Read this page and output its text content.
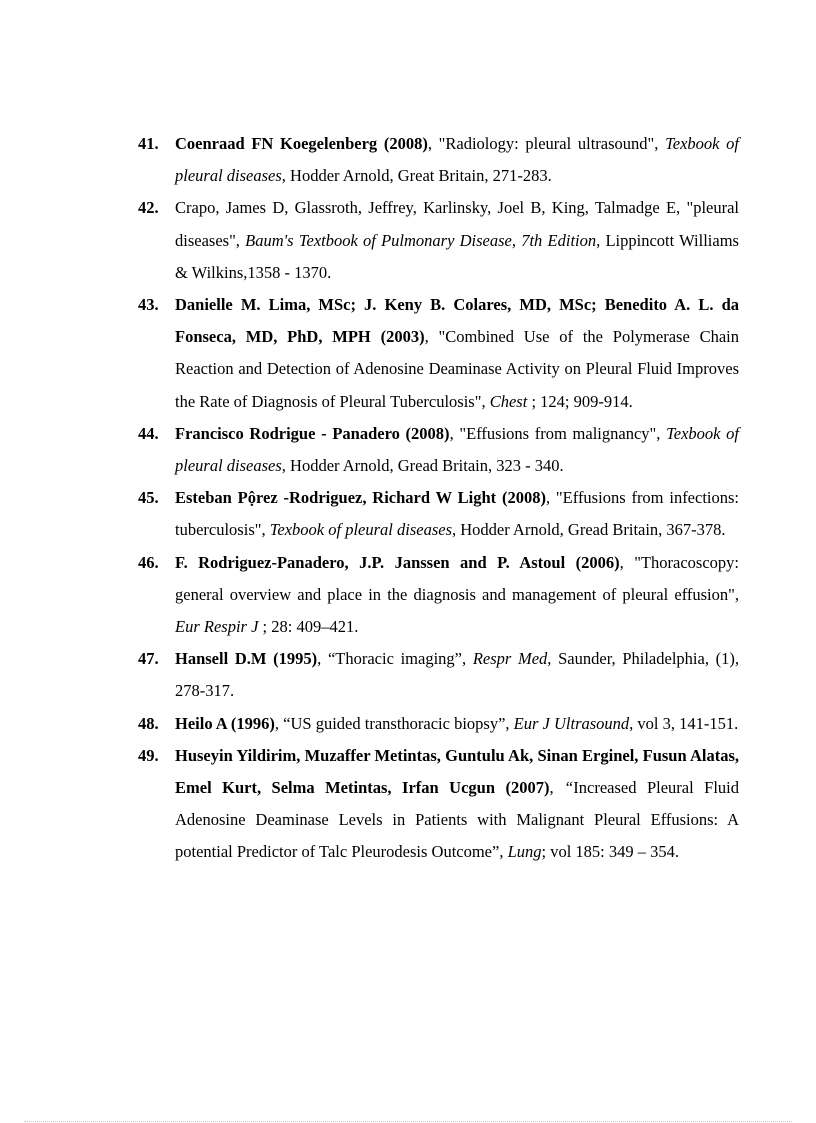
41. Coenraad FN Koegelenberg (2008), "Radiology: pleural ultrasound", Texbook of pleural diseases, Hodder Arnold, Great Britain, 271-283.
42. Crapo, James D, Glassroth, Jeffrey, Karlinsky, Joel B, King, Talmadge E, "pleural diseases", Baum's Textbook of Pulmonary Disease, 7th Edition, Lippincott Williams & Wilkins,1358 - 1370.
43. Danielle M. Lima, MSc; J. Keny B. Colares, MD, MSc; Benedito A. L. da Fonseca, MD, PhD, MPH (2003), "Combined Use of the Polymerase Chain Reaction and Detection of Adenosine Deaminase Activity on Pleural Fluid Improves the Rate of Diagnosis of Pleural Tuberculosis", Chest ; 124; 909-914.
44. Francisco Rodrigue - Panadero (2008), "Effusions from malignancy", Texbook of pleural diseases, Hodder Arnold, Gread Britain, 323 - 340.
45. Esteban Pộrez -Rodriguez, Richard W Light (2008), "Effusions from infections: tuberculosis", Texbook of pleural diseases, Hodder Arnold, Gread Britain, 367-378.
46. F. Rodriguez-Panadero, J.P. Janssen and P. Astoul (2006), "Thoracoscopy: general overview and place in the diagnosis and management of pleural effusion", Eur Respir J ; 28: 409–421.
47. Hansell D.M (1995), “Thoracic imaging”, Respr Med, Saunder, Philadelphia, (1), 278-317.
48. Heilo A (1996), “US guided transthoracic biopsy”, Eur J Ultrasound, vol 3, 141-151.
49. Huseyin Yildirim, Muzaffer Metintas, Guntulu Ak, Sinan Erginel, Fusun Alatas, Emel Kurt, Selma Metintas, Irfan Ucgun (2007), “Increased Pleural Fluid Adenosine Deaminase Levels in Patients with Malignant Pleural Effusions: A potential Predictor of Talc Pleurodesis Outcome”, Lung; vol 185: 349 – 354.
